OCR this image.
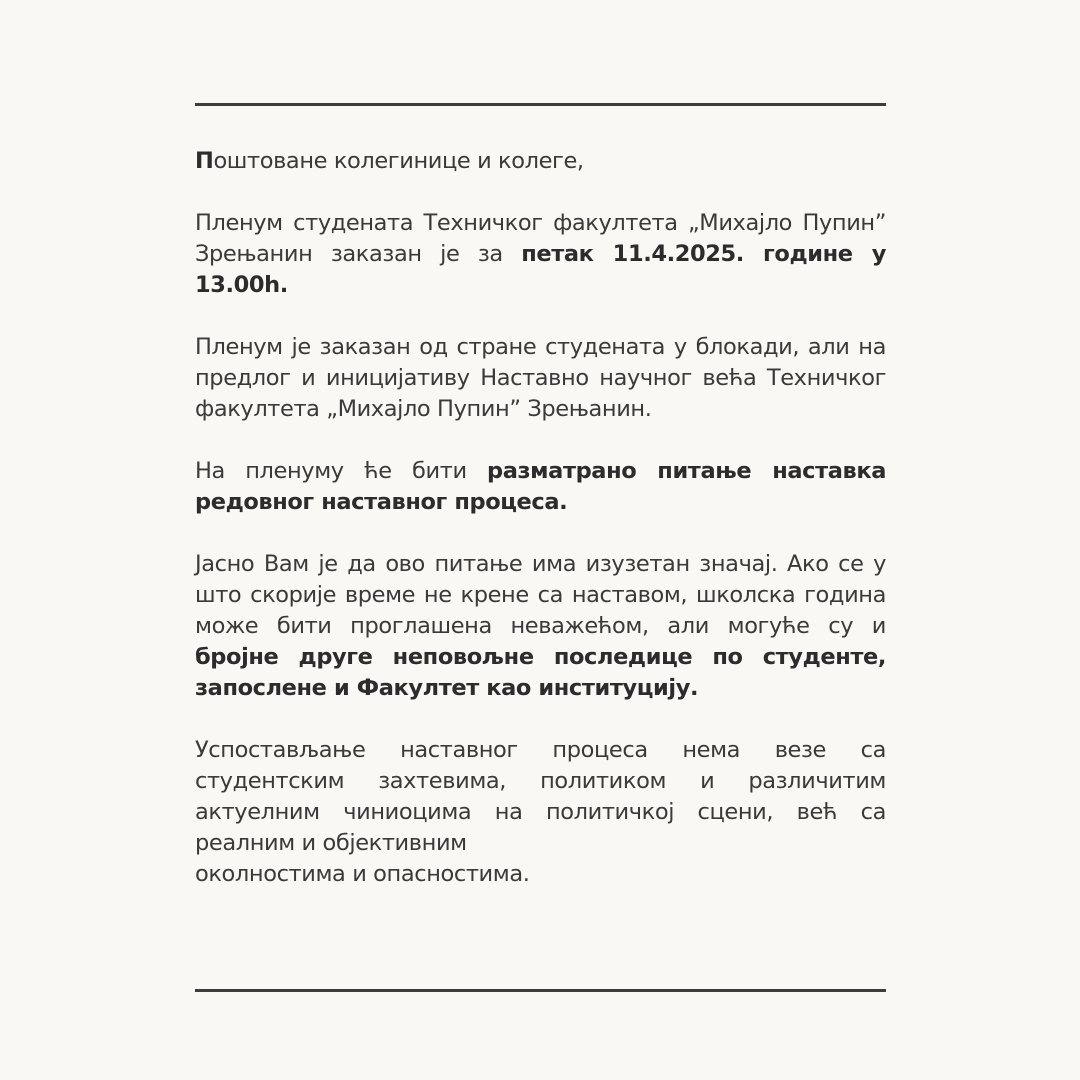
Поштоване колегинице и колеге,

Пленум студената Техничког факултета „Михајло Пупин” Зрењанин заказан је за петак 11.4.2025. године у 13.00h.

Пленум је заказан од стране студената у блокади, али на предлог и иницијативу Наставно научног већа Техничког факултета „Михајло Пупин” Зрењанин.

На пленуму ће бити разматрано питање наставка редовног наставног процеса.

Јасно Вам је да ово питање има изузетан значај. Ако се у што скорије време не крене са наставом, школска година може бити проглашена неважећом, али могуће су и бројне друге неповољне последице по студенте, запослене и Факултет као институцију.

Успостављање наставног процеса нема везе са студентским захтевима, политиком и различитим актуелним чиниоцима на политичкој сцени, већ са реалним и објективним
околностима и опасностима.
